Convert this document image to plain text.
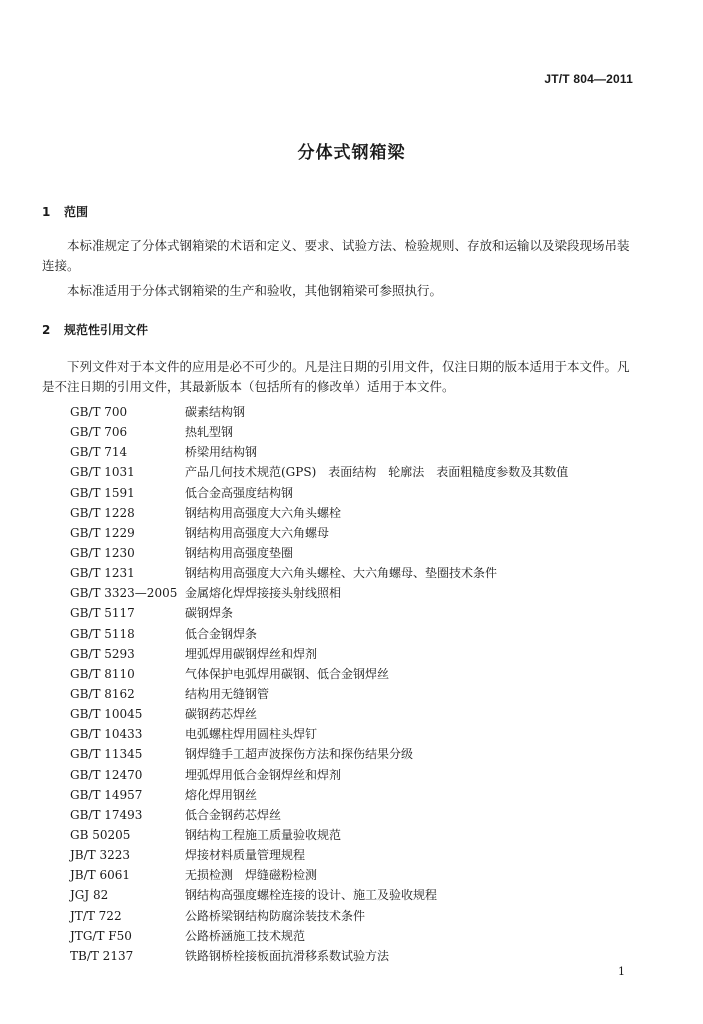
JT/T 804—2011
分体式钢箱梁
1 范围
本标准规定了分体式钢箱梁的术语和定义、要求、试验方法、检验规则、存放和运输以及梁段现场吊装连接。
本标准适用于分体式钢箱梁的生产和验收，其他钢箱梁可参照执行。
2 规范性引用文件
下列文件对于本文件的应用是必不可少的。凡是注日期的引用文件，仅注日期的版本适用于本文件。凡是不注日期的引用文件，其最新版本（包括所有的修改单）适用于本文件。
GB/T 700	碳素结构钢
GB/T 706	热轧型钢
GB/T 714	桥梁用结构钢
GB/T 1031	产品几何技术规范(GPS)　表面结构　轮廓法　表面粗糙度参数及其数值
GB/T 1591	低合金高强度结构钢
GB/T 1228	钢结构用高强度大六角头螺栓
GB/T 1229	钢结构用高强度大六角螺母
GB/T 1230	钢结构用高强度垫圈
GB/T 1231	钢结构用高强度大六角头螺栓、大六角螺母、垫圈技术条件
GB/T 3323—2005 金属熔化焊焊接接头射线照相
GB/T 5117	碳钢焊条
GB/T 5118	低合金钢焊条
GB/T 5293	埋弧焊用碳钢焊丝和焊剂
GB/T 8110	气体保护电弧焊用碳钢、低合金钢焊丝
GB/T 8162	结构用无缝钢管
GB/T 10045	碳钢药芯焊丝
GB/T 10433	电弧螺柱焊用圆柱头焊钉
GB/T 11345	钢焊缝手工超声波探伤方法和探伤结果分级
GB/T 12470	埋弧焊用低合金钢焊丝和焊剂
GB/T 14957	熔化焊用钢丝
GB/T 17493	低合金钢药芯焊丝
GB 50205	钢结构工程施工质量验收规范
JB/T 3223	焊接材料质量管理规程
JB/T 6061	无损检测　焊缝磁粉检测
JGJ 82	钢结构高强度螺栓连接的设计、施工及验收规程
JT/T 722	公路桥梁钢结构防腐涂装技术条件
JTG/T F50	公路桥涵施工技术规范
TB/T 2137	铁路钢桥栓接板面抗滑移系数试验方法
1
